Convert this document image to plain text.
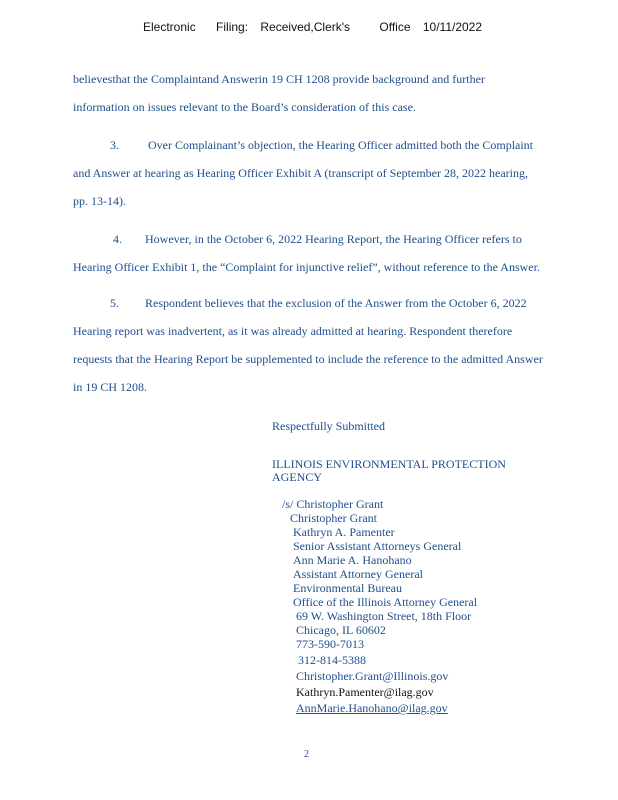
Electronic Filing: Received,Clerk's Office 10/11/2022
believesthat the Complaintand Answerin 19 CH 1208 provide background and further
information on issues relevant to the Board’s consideration of this case.
3. Over Complainant’s objection, the Hearing Officer admitted both the Complaint
and Answer at hearing as Hearing Officer Exhibit A (transcript of September 28, 2022 hearing,
pp. 13-14).
4. However, in the October 6, 2022 Hearing Report, the Hearing Officer refers to
Hearing Officer Exhibit 1, the “Complaint for injunctive relief”, without reference to the Answer.
5. Respondent believes that the exclusion of the Answer from the October 6, 2022
Hearing report was inadvertent, as it was already admitted at hearing. Respondent therefore
requests that the Hearing Report be supplemented to include the reference to the admitted Answer
in 19 CH 1208.
Respectfully Submitted
ILLINOIS ENVIRONMENTAL PROTECTION
AGENCY
/s/ Christopher Grant
Christopher Grant
Kathryn A. Pamenter
Senior Assistant Attorneys General
Ann Marie A. Hanohano
Assistant Attorney General
Environmental Bureau
Office of the Illinois Attorney General
69 W. Washington Street, 18th Floor
Chicago, IL 60602
773-590-7013
312-814-5388
Christopher.Grant@Illinois.gov
Kathryn.Pamenter@ilag.gov
AnnMarie.Hanohano@ilag.gov
2
